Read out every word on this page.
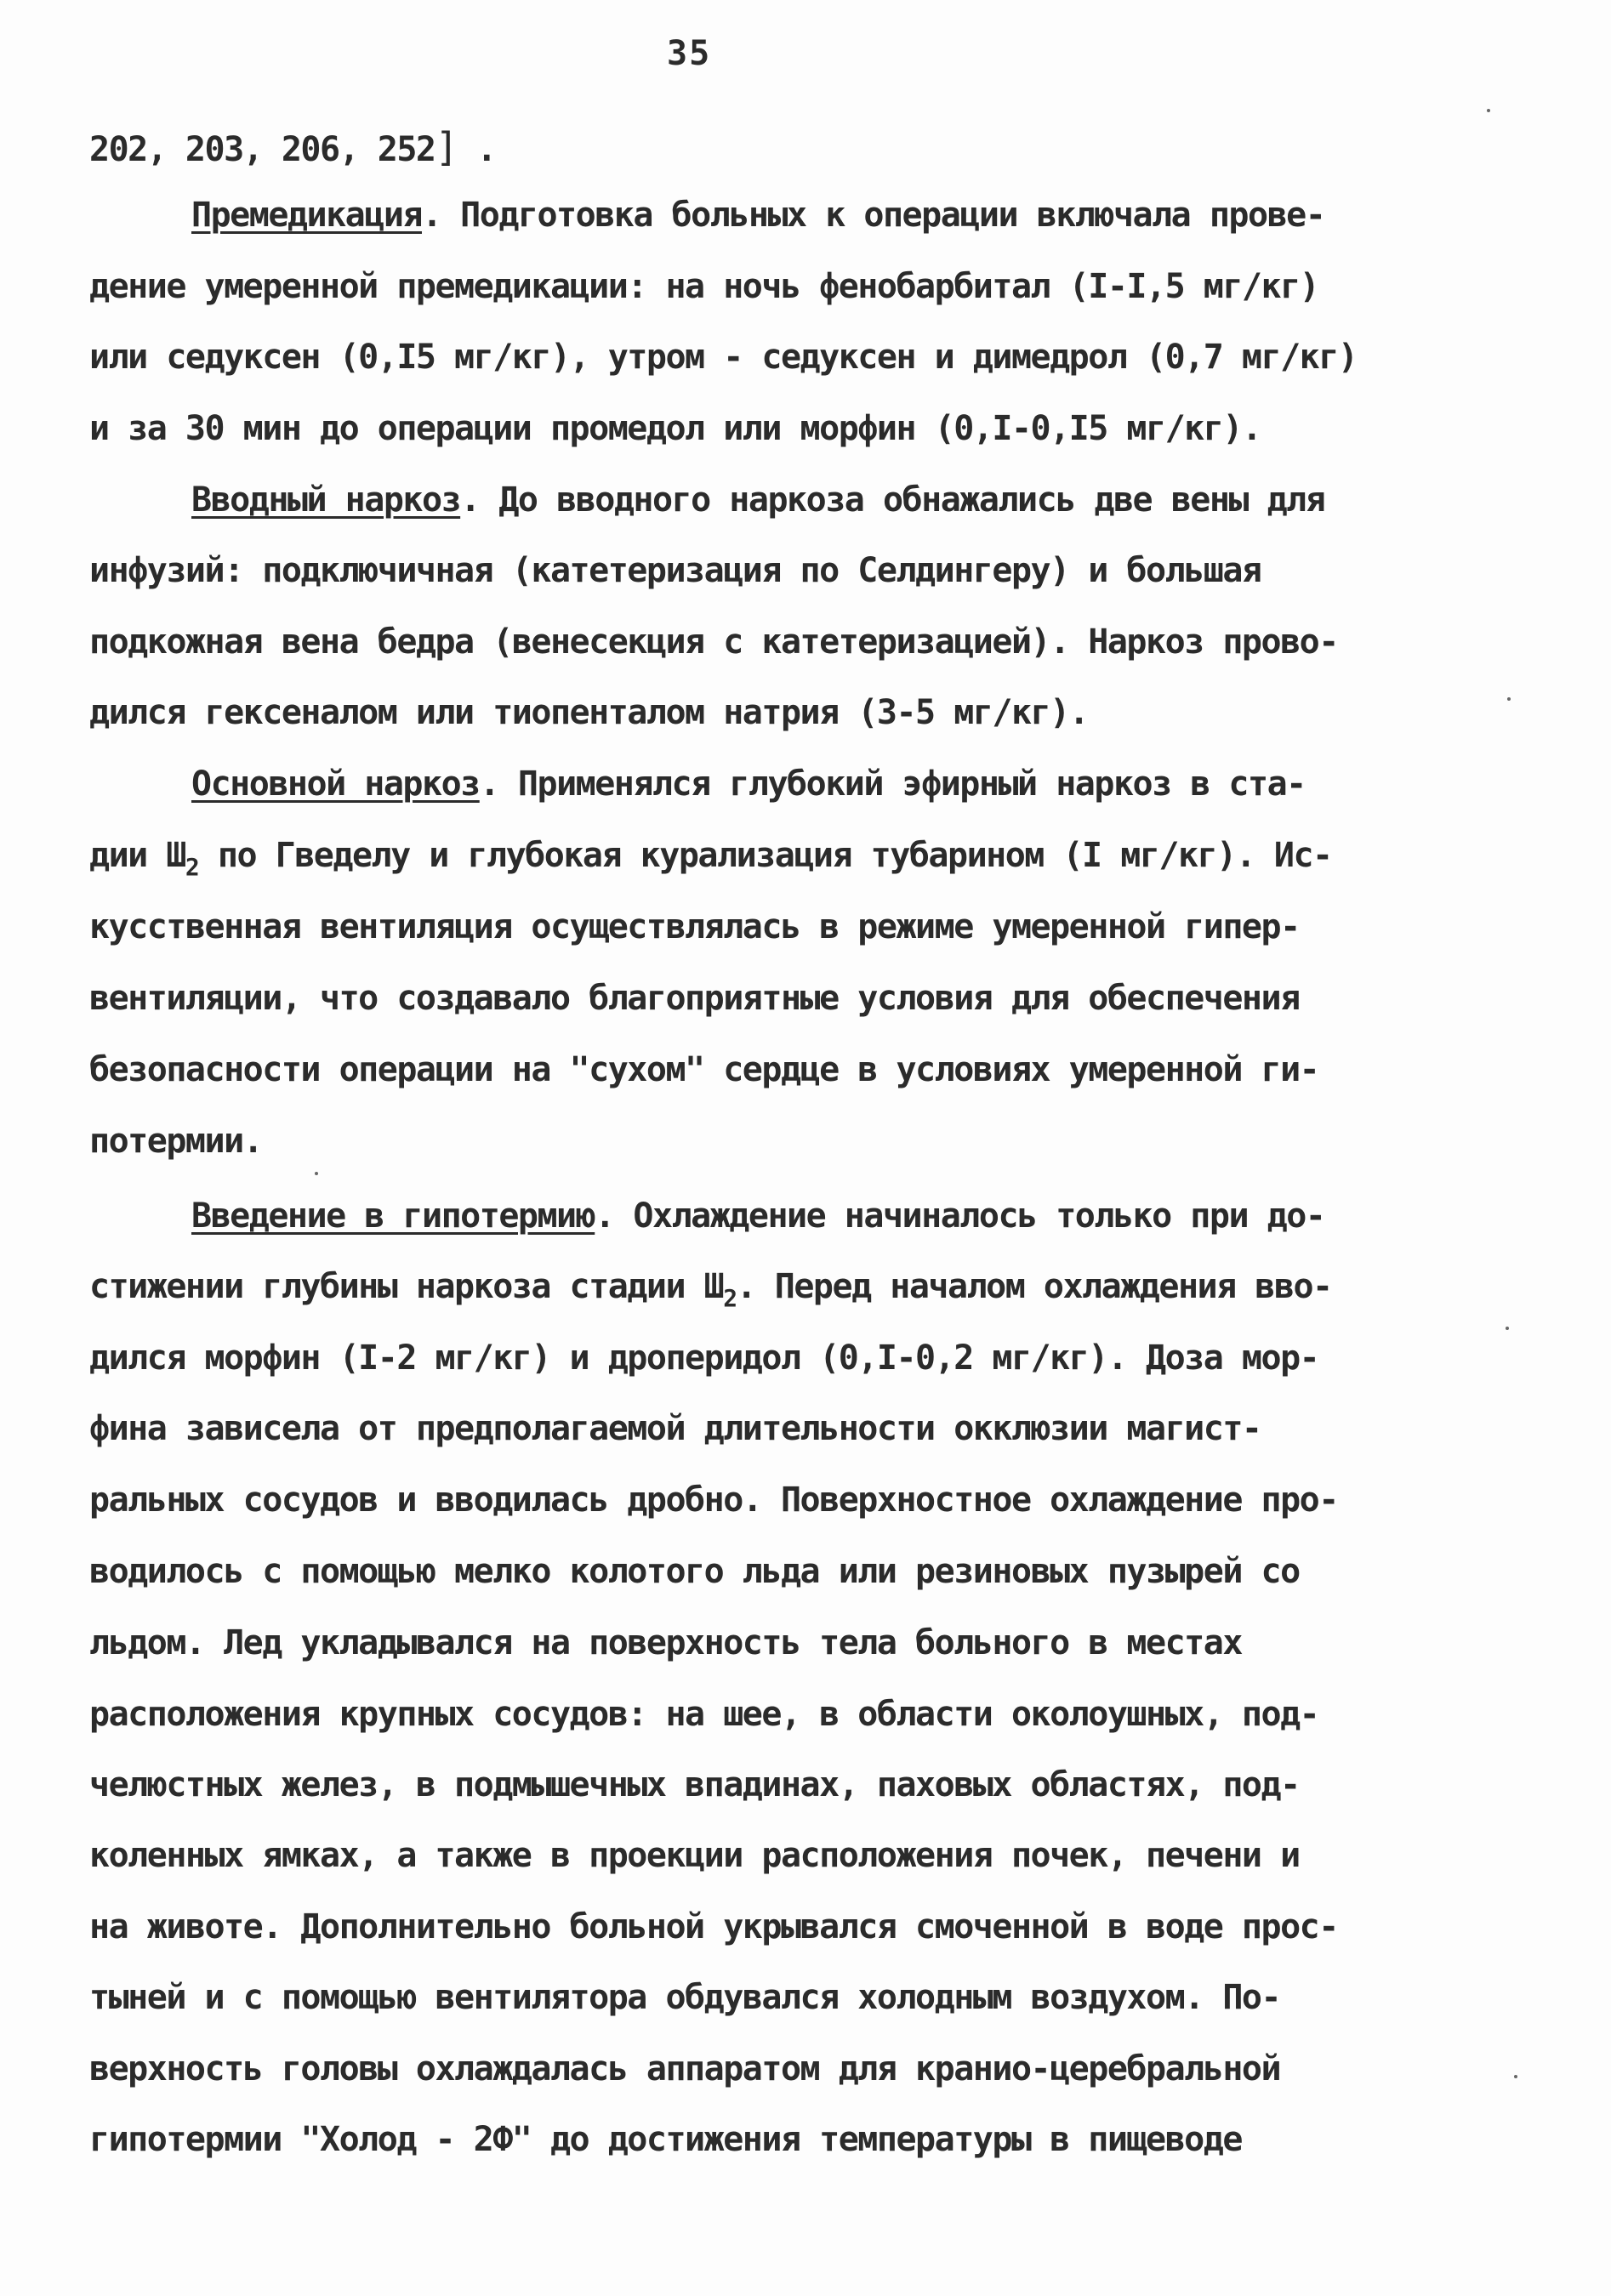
35
202, 203, 206, 252] .
Премедикация. Подготовка больных к операции включала прове-
дение умеренной премедикации: на ночь фенобарбитал (I-I,5 мг/кг)
или седуксен (0,I5 мг/кг), утром - седуксен и димедрол (0,7 мг/кг)
и за 30 мин до операции промедол или морфин (0,I-0,I5 мг/кг).
Вводный наркоз. До вводного наркоза обнажались две вены для
инфузий: подключичная (катетеризация по Селдингеру) и большая
подкожная вена бедра (венесекция с катетеризацией). Наркоз прово-
дился гексеналом или тиопенталом натрия (3-5 мг/кг).
Основной наркоз. Применялся глубокий эфирный наркоз в ста-
дии $Ш_2$ по Гведелу и глубокая курализация тубарином (I мг/кг). Ис-
кусственная вентиляция осуществлялась в режиме умеренной гипер-
вентиляции, что создавало благоприятные условия для обеспечения
безопасности операции на "сухом" сердце в условиях умеренной ги-
потермии.
Введение в гипотермию. Охлаждение начиналось только при до-
стижении глубины наркоза стадии $Ш_2$. Перед началом охлаждения вво-
дился морфин (I-2 мг/кг) и дроперидол (0,I-0,2 мг/кг). Доза мор-
фина зависела от предполагаемой длительности окклюзии магист-
ральных сосудов и вводилась дробно. Поверхностное охлаждение про-
водилось с помощью мелко колотого льда или резиновых пузырей со
льдом. Лед укладывался на поверхность тела больного в местах
расположения крупных сосудов: на шее, в области околоушных, под-
челюстных желез, в подмышечных впадинах, паховых областях, под-
коленных ямках, а также в проекции расположения почек, печени и
на животе. Дополнительно больной укрывался смоченной в воде прос-
тыней и с помощью вентилятора обдувался холодным воздухом. По-
верхность головы охлаждалась аппаратом для кранио-церебральной
гипотермии "Холод - 2Ф" до достижения температуры в пищеводе
